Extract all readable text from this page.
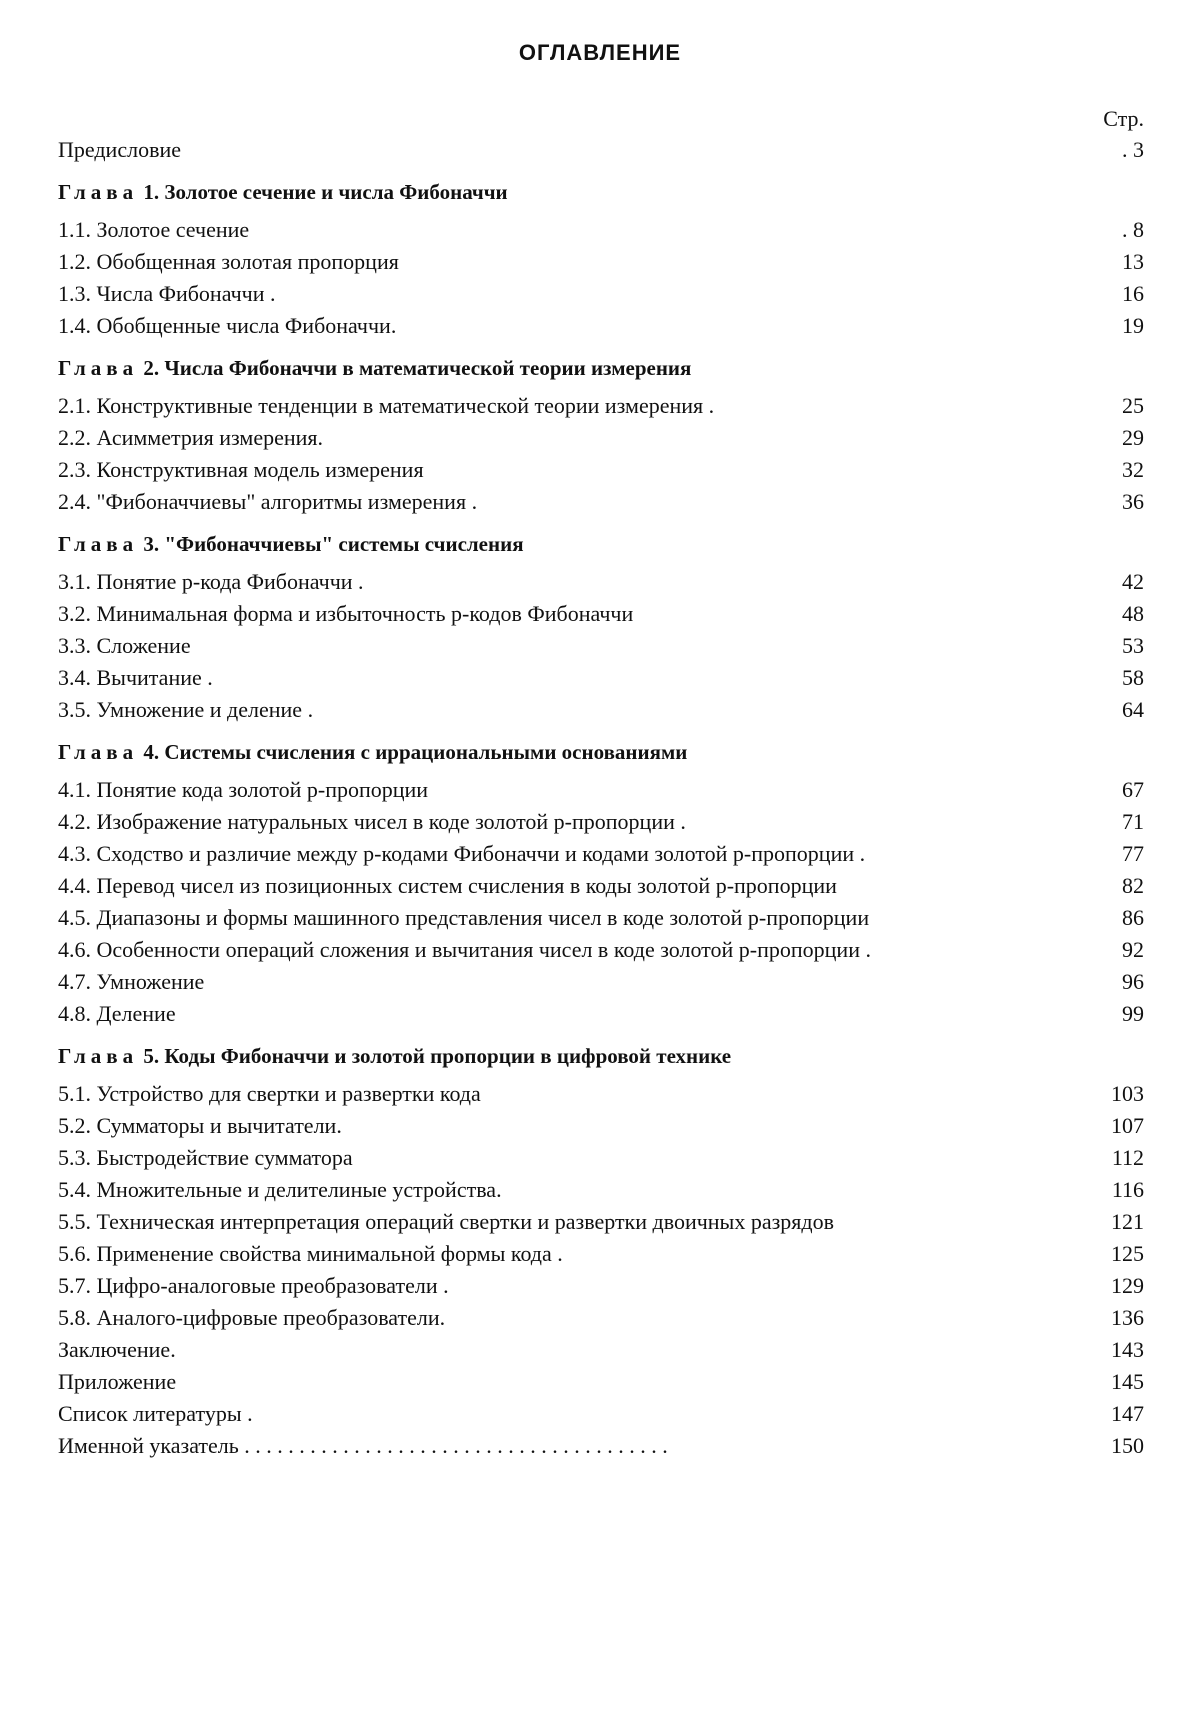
ОГЛАВЛЕНИЕ
Стр.
Предисловие	. 3
Глава 1. Золотое сечение и числа Фибоначчи
1.1. Золотое сечение	. 8
1.2. Обобщенная золотая пропорция	13
1.3. Числа Фибоначчи .	16
1.4. Обобщенные числа Фибоначчи.	19
Глава 2. Числа Фибоначчи в математической теории измерения
2.1. Конструктивные тенденции в математической теории измерения .	25
2.2. Асимметрия измерения.	29
2.3. Конструктивная модель измерения	32
2.4. "Фибоначчиевы" алгоритмы измерения .	36
Глава 3. "Фибоначчиевы" системы счисления
3.1. Понятие p-кода Фибоначчи .	42
3.2. Минимальная форма и избыточность p-кодов Фибоначчи	48
3.3. Сложение	53
3.4. Вычитание .	58
3.5. Умножение и деление .	64
Глава 4. Системы счисления с иррациональными основаниями
4.1. Понятие кода золотой p-пропорции	67
4.2. Изображение натуральных чисел в коде золотой p-пропорции .	71
4.3. Сходство и различие между p-кодами Фибоначчи и кодами золотой p-пропорции .	77
4.4. Перевод чисел из позиционных систем счисления в коды золотой p-пропорции	82
4.5. Диапазоны и формы машинного представления чисел в коде золотой p-пропорции	86
4.6. Особенности операций сложения и вычитания чисел в коде золотой p-пропорции .	92
4.7. Умножение	96
4.8. Деление	99
Глава 5. Коды Фибоначчи и золотой пропорции в цифровой технике
5.1. Устройство для свертки и развертки кода	103
5.2. Сумматоры и вычитатели.	107
5.3. Быстродействие сумматора	112
5.4. Множительные и делителиные устройства.	116
5.5. Техническая интерпретация операций свертки и развертки двоичных разрядов	121
5.6. Применение свойства минимальной формы кода .	125
5.7. Цифро-аналоговые преобразователи .	129
5.8. Аналого-цифровые преобразователи.	136
Заключение.	143
Приложение	145
Список литературы .	147
Именной указатель . . . . . . . . . . . . . . . . . . . . . . . . . . . . . . . . . . . . . . .	150
